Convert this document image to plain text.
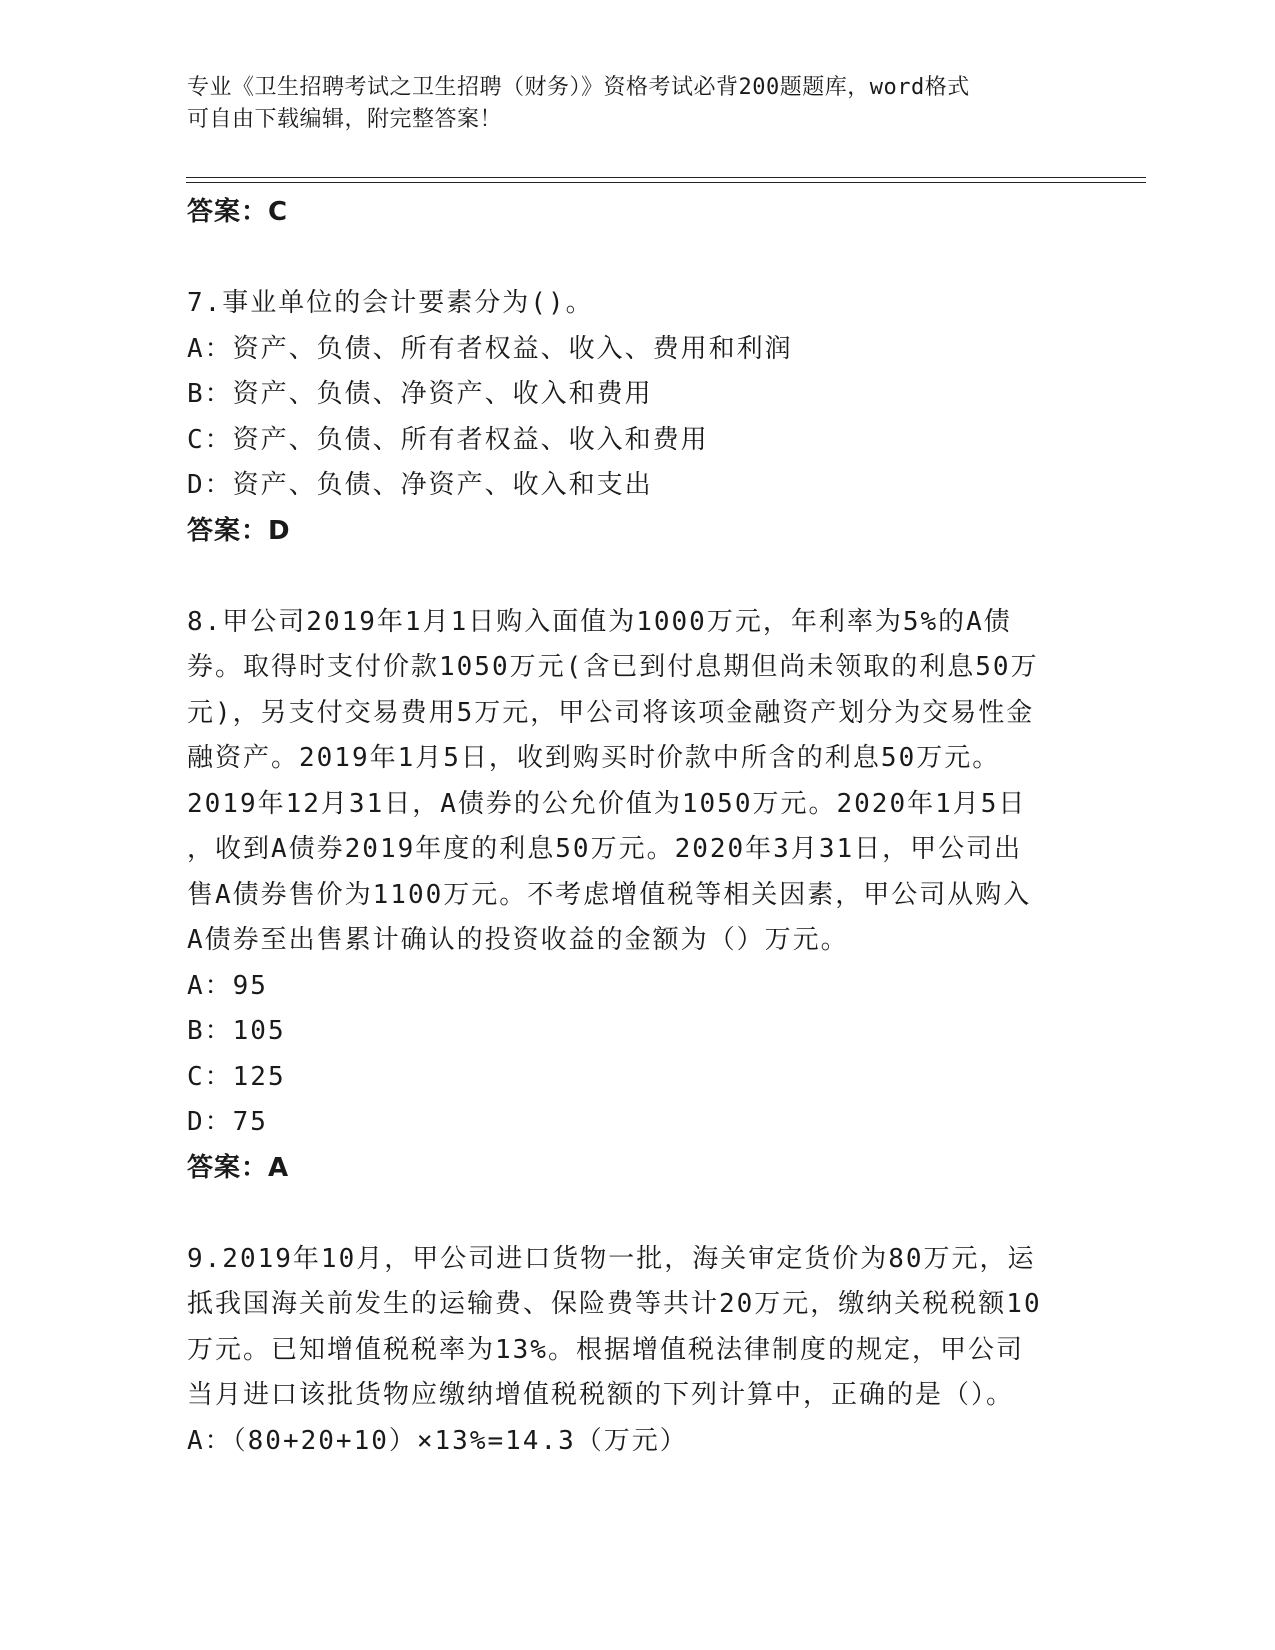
专业《卫生招聘考试之卫生招聘（财务）》资格考试必背200题题库，word格式
可自由下载编辑，附完整答案！
答案：C
7.事业单位的会计要素分为()。
A：资产、负债、所有者权益、收入、费用和利润
B：资产、负债、净资产、收入和费用
C：资产、负债、所有者权益、收入和费用
D：资产、负债、净资产、收入和支出
答案：D
8.甲公司2019年1月1日购入面值为1000万元，年利率为5%的A债
券。取得时支付价款1050万元(含已到付息期但尚未领取的利息50万
元)，另支付交易费用5万元，甲公司将该项金融资产划分为交易性金
融资产。2019年1月5日，收到购买时价款中所含的利息50万元。
2019年12月31日，A债券的公允价值为1050万元。2020年1月5日
，收到A债券2019年度的利息50万元。2020年3月31日，甲公司出
售A债券售价为1100万元。不考虑增值税等相关因素，甲公司从购入
A债券至出售累计确认的投资收益的金额为（）万元。
A：95
B：105
C：125
D：75
答案：A
9.2019年10月，甲公司进口货物一批，海关审定货价为80万元，运
抵我国海关前发生的运输费、保险费等共计20万元，缴纳关税税额10
万元。已知增值税税率为13%。根据增值税法律制度的规定，甲公司
当月进口该批货物应缴纳增值税税额的下列计算中，正确的是（）。
A：（80+20+10）×13%=14.3（万元）
